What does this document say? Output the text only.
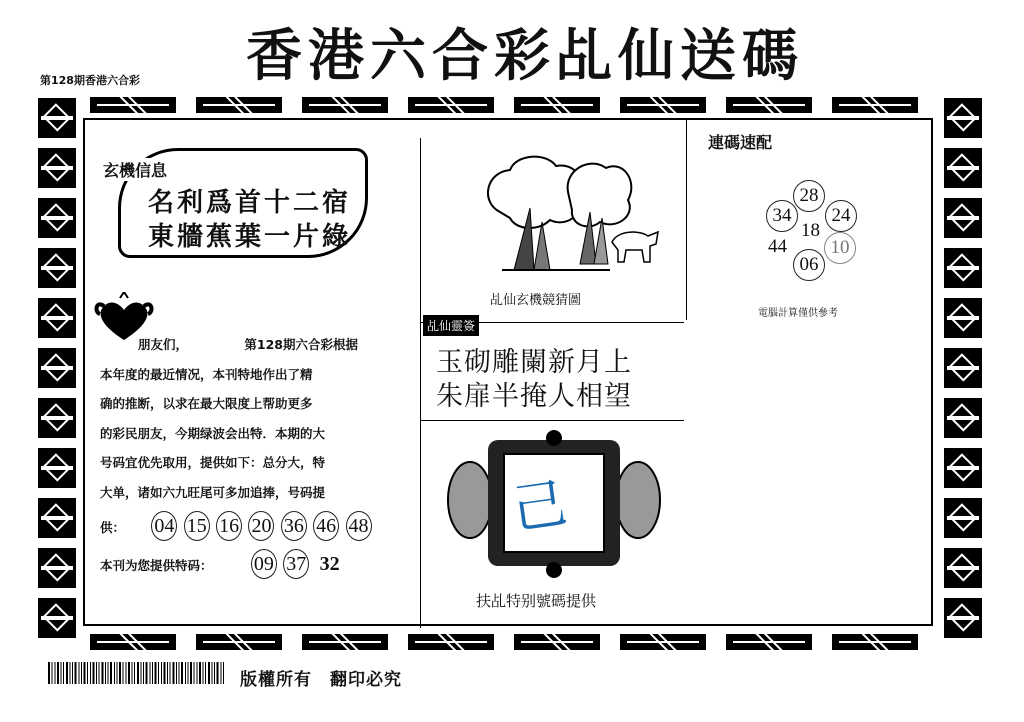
香港六合彩乩仙送碼
第128期香港六合彩
玄機信息
名利爲首十二宿
東牆蕉葉一片綠
朋友们，	第128期六合彩根据
本年度的最近情况，本刊特地作出了精
确的推断，以求在最大限度上帮助更多
的彩民朋友，今期绿波会出特．本期的大
号码宜优先取用，提供如下：总分大，特
大单，诸如六九旺尾可多加追捧，号码提
供： 04 15 16 20 36 46 48
本刊为您提供特码： 09 37 32
乩仙玄機競猜圖
乩仙靈簽
玉砌雕闌新月上
朱扉半掩人相望
己
扶乩特别號碼提供
連碼速配
28
34	24
18
44	10
06
電腦計算僅供參考
版權所有　翻印必究
